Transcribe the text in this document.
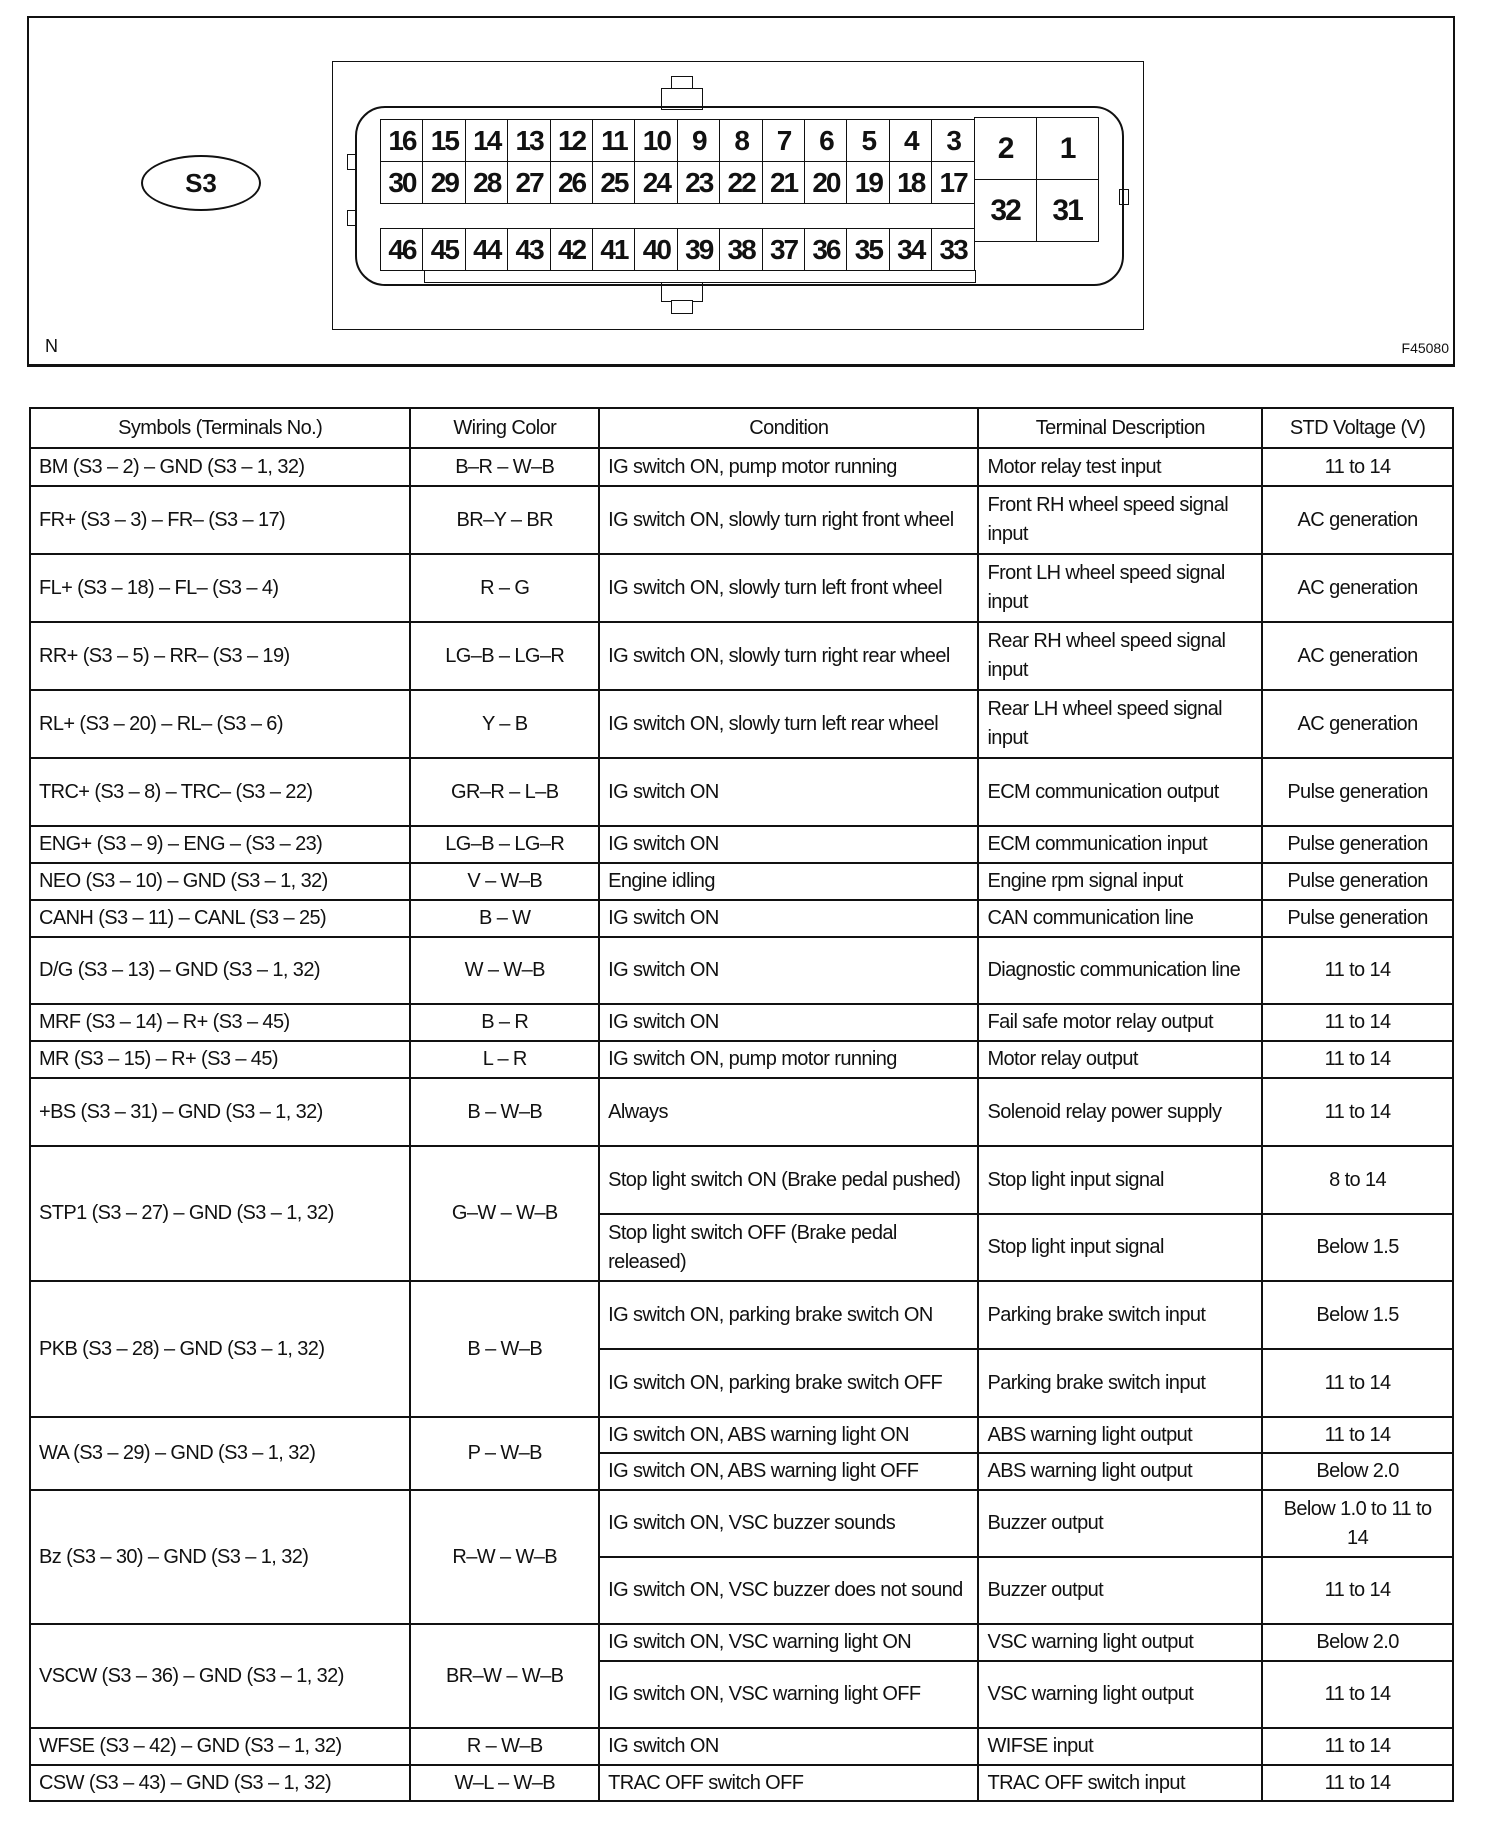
S3
16 15 14 13 12 11 10 9	8	7	6	5	4	3
30 29 28 27 26 25 24 23 22 21 20 19 18 17
46 45 44 43 42 41 40 39 38 37 36 35 34 33
2	1
32	31
N	F45080
Symbols (Terminals No.)	Wiring Color	Condition	Terminal Description	STD Voltage (V)
BM (S3 – 2) – GND (S3 – 1, 32)	B–R – W–B	IG switch ON, pump motor running	Motor relay test input	11 to 14
FR+ (S3 – 3) – FR– (S3 – 17)	BR–Y – BR	IG switch ON, slowly turn right front wheel	Front RH wheel speed signal input	AC generation
FL+ (S3 – 18) – FL– (S3 – 4)	R – G	IG switch ON, slowly turn left front wheel	Front LH wheel speed signal input	AC generation
RR+ (S3 – 5) – RR– (S3 – 19)	LG–B – LG–R	IG switch ON, slowly turn right rear wheel	Rear RH wheel speed signal input	AC generation
RL+ (S3 – 20) – RL– (S3 – 6)	Y – B	IG switch ON, slowly turn left rear wheel	Rear LH wheel speed signal input	AC generation
TRC+ (S3 – 8) – TRC– (S3 – 22)	GR–R – L–B	IG switch ON	ECM communication output	Pulse generation
ENG+ (S3 – 9) – ENG – (S3 – 23)	LG–B – LG–R	IG switch ON	ECM communication input	Pulse generation
NEO (S3 – 10) – GND (S3 – 1, 32)	V – W–B	Engine idling	Engine rpm signal input	Pulse generation
CANH (S3 – 11) – CANL (S3 – 25)	B – W	IG switch ON	CAN communication line	Pulse generation
D/G (S3 – 13) – GND (S3 – 1, 32)	W – W–B	IG switch ON	Diagnostic communication line	11 to 14
MRF (S3 – 14) – R+ (S3 – 45)	B – R	IG switch ON	Fail safe motor relay output	11 to 14
MR (S3 – 15) – R+ (S3 – 45)	L – R	IG switch ON, pump motor running	Motor relay output	11 to 14
+BS (S3 – 31) – GND (S3 – 1, 32)	B – W–B	Always	Solenoid relay power supply	11 to 14
STP1 (S3 – 27) – GND (S3 – 1, 32)	G–W – W–B	Stop light switch ON (Brake pedal pushed)	Stop light input signal	8 to 14
		Stop light switch OFF (Brake pedal released)	Stop light input signal	Below 1.5
PKB (S3 – 28) – GND (S3 – 1, 32)	B – W–B	IG switch ON, parking brake switch ON	Parking brake switch input	Below 1.5
		IG switch ON, parking brake switch OFF	Parking brake switch input	11 to 14
WA (S3 – 29) – GND (S3 – 1, 32)	P – W–B	IG switch ON, ABS warning light ON	ABS warning light output	11 to 14
		IG switch ON, ABS warning light OFF	ABS warning light output	Below 2.0
Bz (S3 – 30) – GND (S3 – 1, 32)	R–W – W–B	IG switch ON, VSC buzzer sounds	Buzzer output	Below 1.0 to 11 to 14
		IG switch ON, VSC buzzer does not sound	Buzzer output	11 to 14
VSCW (S3 – 36) – GND (S3 – 1, 32)	BR–W – W–B	IG switch ON, VSC warning light ON	VSC warning light output	Below 2.0
		IG switch ON, VSC warning light OFF	VSC warning light output	11 to 14
WFSE (S3 – 42) – GND (S3 – 1, 32)	R – W–B	IG switch ON	WIFSE input	11 to 14
CSW (S3 – 43) – GND (S3 – 1, 32)	W–L – W–B	TRAC OFF switch OFF	TRAC OFF switch input	11 to 14
